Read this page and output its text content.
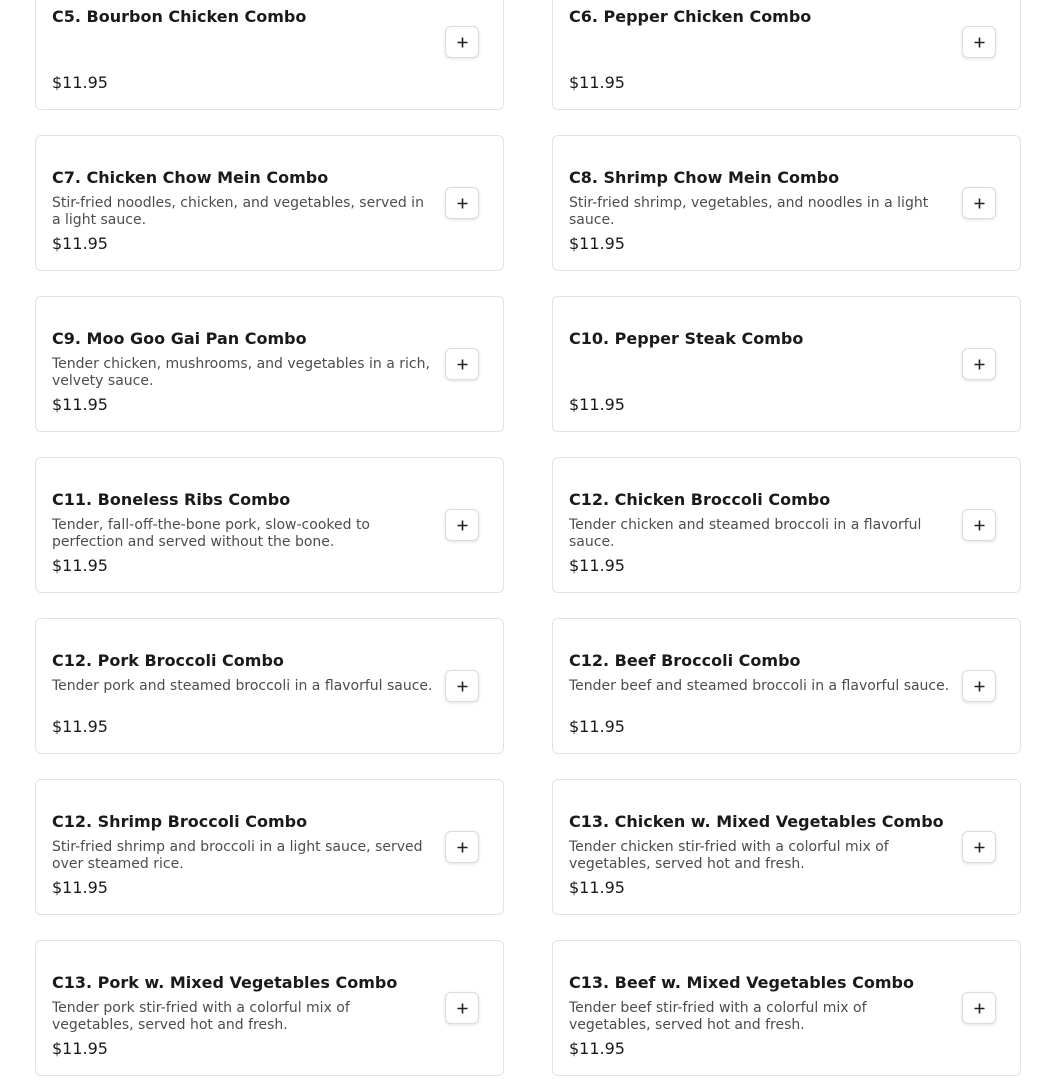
C5. Bourbon Chicken Combo
$11.95
C6. Pepper Chicken Combo
$11.95
C7. Chicken Chow Mein Combo
Stir-fried noodles, chicken, and vegetables, served in a light sauce.
$11.95
C8. Shrimp Chow Mein Combo
Stir-fried shrimp, vegetables, and noodles in a light sauce.
$11.95
C9. Moo Goo Gai Pan Combo
Tender chicken, mushrooms, and vegetables in a rich, velvety sauce.
$11.95
C10. Pepper Steak Combo
$11.95
C11. Boneless Ribs Combo
Tender, fall-off-the-bone pork, slow-cooked to perfection and served without the bone.
$11.95
C12. Chicken Broccoli Combo
Tender chicken and steamed broccoli in a flavorful sauce.
$11.95
C12. Pork Broccoli Combo
Tender pork and steamed broccoli in a flavorful sauce.
$11.95
C12. Beef Broccoli Combo
Tender beef and steamed broccoli in a flavorful sauce.
$11.95
C12. Shrimp Broccoli Combo
Stir-fried shrimp and broccoli in a light sauce, served over steamed rice.
$11.95
C13. Chicken w. Mixed Vegetables Combo
Tender chicken stir-fried with a colorful mix of vegetables, served hot and fresh.
$11.95
C13. Pork w. Mixed Vegetables Combo
Tender pork stir-fried with a colorful mix of vegetables, served hot and fresh.
$11.95
C13. Beef w. Mixed Vegetables Combo
Tender beef stir-fried with a colorful mix of vegetables, served hot and fresh.
$11.95
